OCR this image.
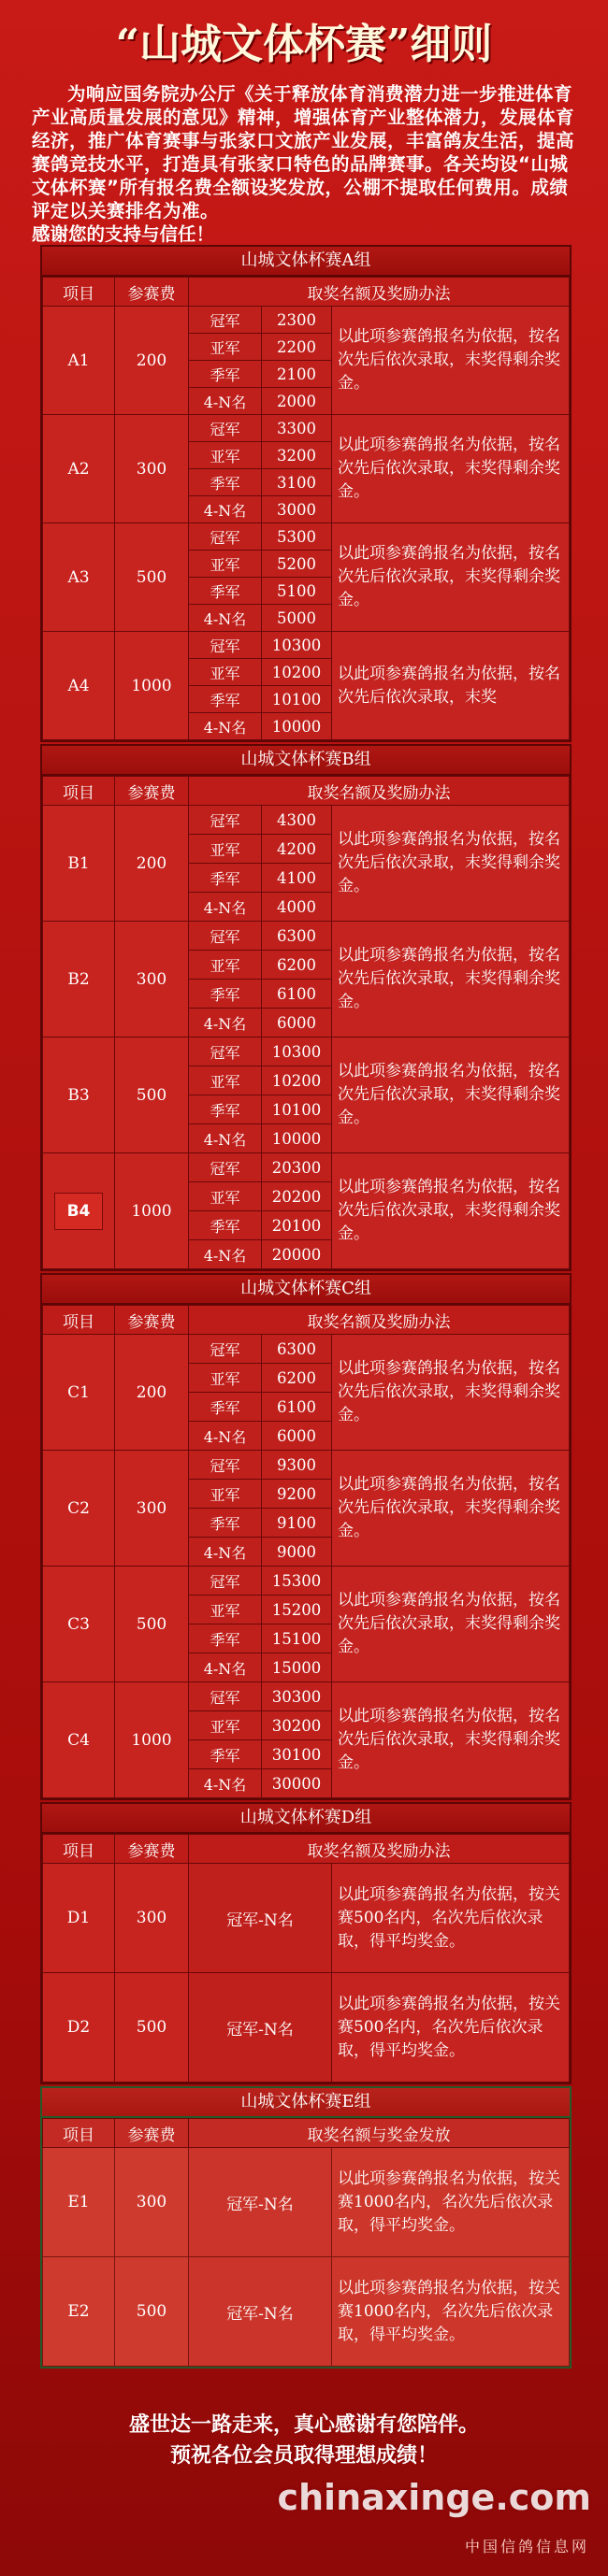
“山城文体杯赛”细则
为响应国务院办公厅《关于释放体育消费潜力进一步推进体育产业高质量发展的意见》精神，增强体育产业整体潜力，发展体育经济，推广体育赛事与张家口文旅产业发展，丰富鸽友生活，提高赛鸽竞技水平，打造具有张家口特色的品牌赛事。各关均设“山城文体杯赛”所有报名费全额设奖发放，公棚不提取任何费用。成绩评定以关赛排名为准。
感谢您的支持与信任！
山城文体杯赛A组
项目	参赛费	取奖名额及奖励办法		
A1	200	冠军	2300	以此项参赛鸽报名为依据，按名次先后依次录取，末奖得剩余奖金。
		亚军	2200	
		季军	2100	
		4-N名	2000	
A2	300	冠军	3300	以此项参赛鸽报名为依据，按名次先后依次录取，末奖得剩余奖金。
		亚军	3200	
		季军	3100	
		4-N名	3000	
A3	500	冠军	5300	以此项参赛鸽报名为依据，按名次先后依次录取，末奖得剩余奖金。
		亚军	5200	
		季军	5100	
		4-N名	5000	
A4	1000	冠军	10300	以此项参赛鸽报名为依据，按名次先后依次录取，末奖
		亚军	10200	
		季军	10100	
		4-N名	10000	
山城文体杯赛B组
项目	参赛费	取奖名额及奖励办法		
B1	200	冠军	4300	以此项参赛鸽报名为依据，按名次先后依次录取，末奖得剩余奖金。
		亚军	4200	
		季军	4100	
		4-N名	4000	
B2	300	冠军	6300	以此项参赛鸽报名为依据，按名次先后依次录取，末奖得剩余奖金。
		亚军	6200	
		季军	6100	
		4-N名	6000	
B3	500	冠军	10300	以此项参赛鸽报名为依据，按名次先后依次录取，末奖得剩余奖金。
		亚军	10200	
		季军	10100	
		4-N名	10000	
B4	1000	冠军	20300	以此项参赛鸽报名为依据，按名次先后依次录取，末奖得剩余奖金。
		亚军	20200	
		季军	20100	
		4-N名	20000	
山城文体杯赛C组
项目	参赛费	取奖名额及奖励办法		
C1	200	冠军	6300	以此项参赛鸽报名为依据，按名次先后依次录取，末奖得剩余奖金。
		亚军	6200	
		季军	6100	
		4-N名	6000	
C2	300	冠军	9300	以此项参赛鸽报名为依据，按名次先后依次录取，末奖得剩余奖金。
		亚军	9200	
		季军	9100	
		4-N名	9000	
C3	500	冠军	15300	以此项参赛鸽报名为依据，按名次先后依次录取，末奖得剩余奖金。
		亚军	15200	
		季军	15100	
		4-N名	15000	
C4	1000	冠军	30300	以此项参赛鸽报名为依据，按名次先后依次录取，末奖得剩余奖金。
		亚军	30200	
		季军	30100	
		4-N名	30000	
山城文体杯赛D组
项目	参赛费	取奖名额及奖励办法	
D1	300	冠军-N名	以此项参赛鸽报名为依据，按关赛500名内，名次先后依次录取，得平均奖金。
D2	500	冠军-N名	以此项参赛鸽报名为依据，按关赛500名内，名次先后依次录取，得平均奖金。
山城文体杯赛E组
项目	参赛费	取奖名额与奖金发放	
E1	300	冠军-N名	以此项参赛鸽报名为依据，按关赛1000名内，名次先后依次录取，得平均奖金。
E2	500	冠军-N名	以此项参赛鸽报名为依据，按关赛1000名内，名次先后依次录取，得平均奖金。
盛世达一路走来，真心感谢有您陪伴。
预祝各位会员取得理想成绩！
chinaxinge.com
中国信鸽信息网
